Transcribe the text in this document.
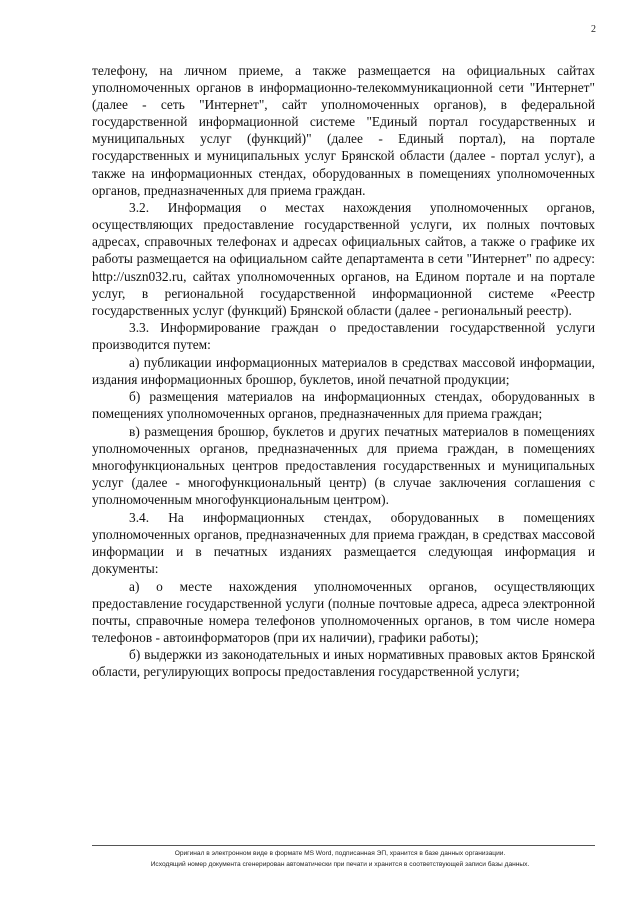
2

телефону, на личном приеме, а также размещается на официальных сайтах уполномоченных органов в информационно-телекоммуникационной сети "Интернет" (далее - сеть "Интернет", сайт уполномоченных органов), в федеральной государственной информационной системе "Единый портал государственных и муниципальных услуг (функций)" (далее - Единый портал), на портале государственных и муниципальных услуг Брянской области (далее - портал услуг), а также на информационных стендах, оборудованных в помещениях уполномоченных органов, предназначенных для приема граждан.

3.2. Информация о местах нахождения уполномоченных органов, осуществляющих предоставление государственной услуги, их полных почтовых адресах, справочных телефонах и адресах официальных сайтов, а также о графике их работы размещается на официальном сайте департамента в сети "Интернет" по адресу: http://uszn032.ru, сайтах уполномоченных органов, на Едином портале и на портале услуг, в региональной государственной информационной системе «Реестр государственных услуг (функций) Брянской области (далее - региональный реестр).

3.3. Информирование граждан о предоставлении государственной услуги производится путем:

а) публикации информационных материалов в средствах массовой информации, издания информационных брошюр, буклетов, иной печатной продукции;

б) размещения материалов на информационных стендах, оборудованных в помещениях уполномоченных органов, предназначенных для приема граждан;

в) размещения брошюр, буклетов и других печатных материалов в помещениях уполномоченных органов, предназначенных для приема граждан, в помещениях многофункциональных центров предоставления государственных и муниципальных услуг (далее - многофункциональный центр) (в случае заключения соглашения с уполномоченным многофункциональным центром).

3.4. На информационных стендах, оборудованных в помещениях уполномоченных органов, предназначенных для приема граждан, в средствах массовой информации и в печатных изданиях размещается следующая информация и документы:

а) о месте нахождения уполномоченных органов, осуществляющих предоставление государственной услуги (полные почтовые адреса, адреса электронной почты, справочные номера телефонов уполномоченных органов, в том числе номера телефонов - автоинформаторов (при их наличии), графики работы);

б) выдержки из законодательных и иных нормативных правовых актов Брянской области, регулирующих вопросы предоставления государственной услуги;

Оригинал в электронном виде в формате MS Word, подписанная ЭП, хранится в базе данных организации.
Исходящий номер документа сгенерирован автоматически при печати и хранится в соответствующей записи базы данных.
